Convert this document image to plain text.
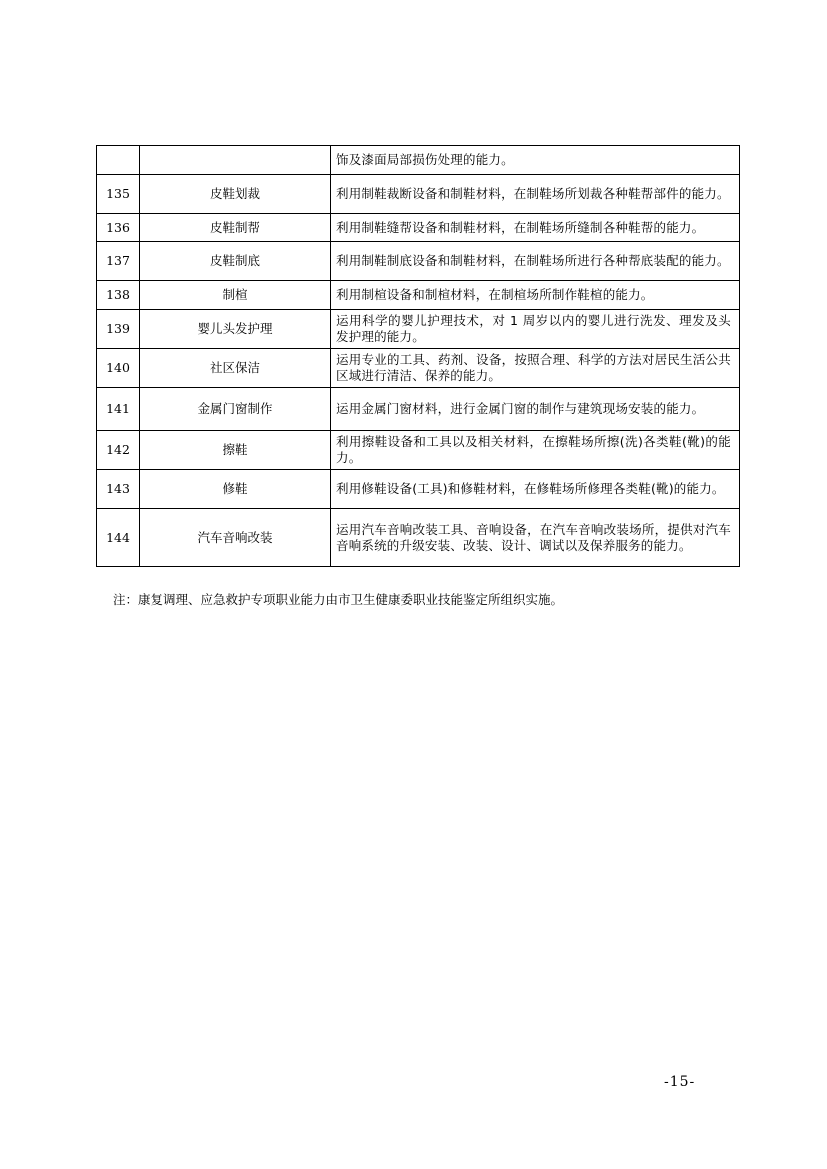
		饰及漆面局部损伤处理的能力。
135	皮鞋划裁	利用制鞋裁断设备和制鞋材料，在制鞋场所划裁各种鞋帮部件的能力。
136	皮鞋制帮	利用制鞋缝帮设备和制鞋材料，在制鞋场所缝制各种鞋帮的能力。
137	皮鞋制底	利用制鞋制底设备和制鞋材料，在制鞋场所进行各种帮底装配的能力。
138	制楦	利用制楦设备和制楦材料，在制楦场所制作鞋楦的能力。
139	婴儿头发护理	运用科学的婴儿护理技术，对 1 周岁以内的婴儿进行洗发、理发及头发护理的能力。
140	社区保洁	运用专业的工具、药剂、设备，按照合理、科学的方法对居民生活公共区域进行清洁、保养的能力。
141	金属门窗制作	运用金属门窗材料，进行金属门窗的制作与建筑现场安装的能力。
142	擦鞋	利用擦鞋设备和工具以及相关材料，在擦鞋场所擦(洗)各类鞋(靴)的能力。
143	修鞋	利用修鞋设备(工具)和修鞋材料，在修鞋场所修理各类鞋(靴)的能力。
144	汽车音响改装	运用汽车音响改装工具、音响设备，在汽车音响改装场所，提供对汽车音响系统的升级安装、改装、设计、调试以及保养服务的能力。
注：康复调理、应急救护专项职业能力由市卫生健康委职业技能鉴定所组织实施。
-15-
